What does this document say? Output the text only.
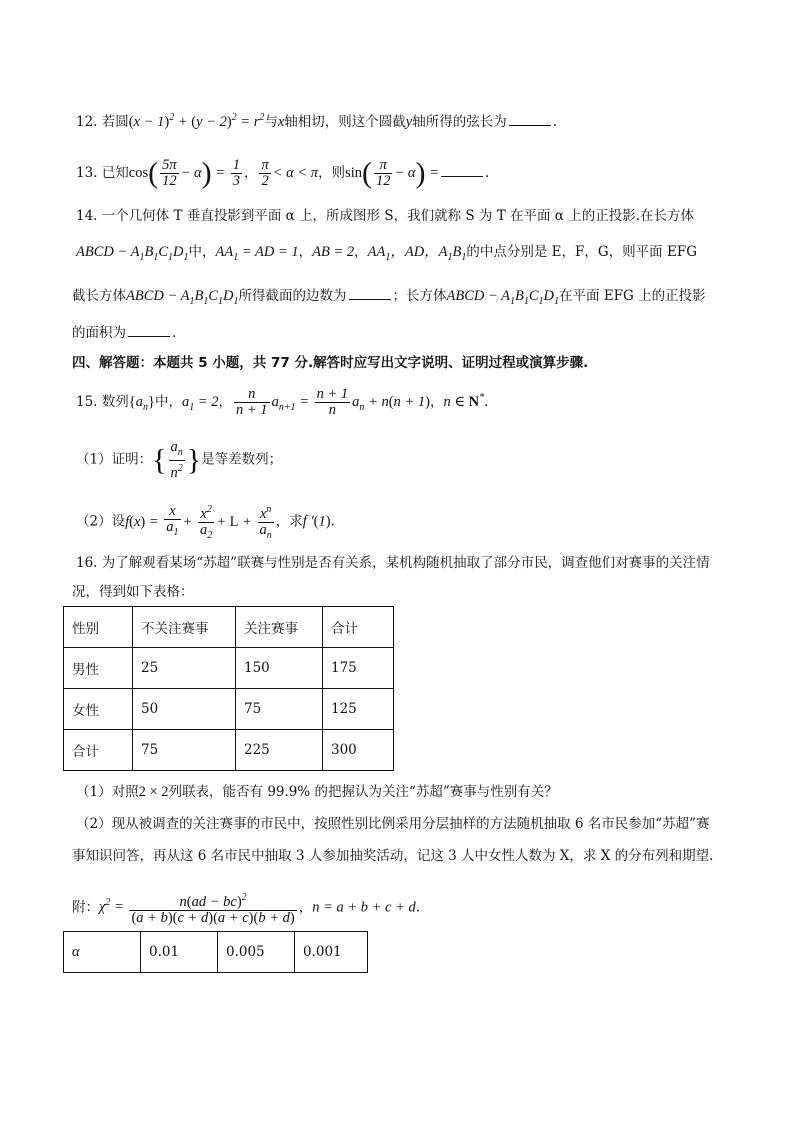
12. 若圆$(x - 1)^2 + (y - 2)^2 = r^2$与x轴相切，则这个圆截y轴所得的弦长为	.
13. 已知$\cos( \frac{5\pi}{12} - \alpha) = \frac{1}{3}$ ， $\frac{\pi}{2} < \alpha < \pi$，则$\sin( \frac{\pi}{12} - \alpha)$ =	.
14. 一个几何体 T 垂直投影到平面 α 上，所成图形 S，我们就称 S 为 T 在平面 α 上的正投影.在长方体
ABCD − $A_1B_1C_1D_1$中，$AA_1$ = AD = 1，AB = 2，$AA_1$，AD，$A_1B_1$的中点分别是 E，F，G，则平面 EFG
截长方体ABCD − $A_1B_1C_1D_1$所得截面的边数为	；长方体ABCD − $A_1B_1C_1D_1$在平面 EFG 上的正投影
的面积为	.
四、解答题：本题共 5 小题，共 77 分.解答时应写出文字说明、证明过程或演算步骤.
15. 数列$\{a_n\}$中，$a_1 = 2$， $\frac{n}{n + 1} a_{n+1} = \frac{n + 1}{n} a_n + n(n + 1)$，n ∈ N*.
（1）证明：{ $\frac{a_n}{n^2}$ }是等差数列；
（2）设$f(x) = \frac{x}{a_1} + \frac{x^2}{a_2} + L + \frac{x^n}{a_n}$ ，求f ′(1).
16. 为了解观看某场“苏超”联赛与性别是否有关系，某机构随机抽取了部分市民，调查他们对赛事的关注情
况，得到如下表格：
性别	不关注赛事	关注赛事	合计
男性	25	150	175
女性	50	75	125
合计	75	225	300
（1）对照2 × 2列联表，能否有 99.9% 的把握认为关注“苏超”赛事与性别有关？
（2）现从被调查的关注赛事的市民中，按照性别比例采用分层抽样的方法随机抽取 6 名市民参加“苏超”赛
事知识问答，再从这 6 名市民中抽取 3 人参加抽奖活动，记这 3 人中女性人数为 X，求 X 的分布列和期望.
附：$\chi^2 = \frac{n(ad - bc)^2}{(a + b)(c + d)(a + c)(b + d)}$ ，n = a + b + c + d.
α	0.01	0.005	0.001
